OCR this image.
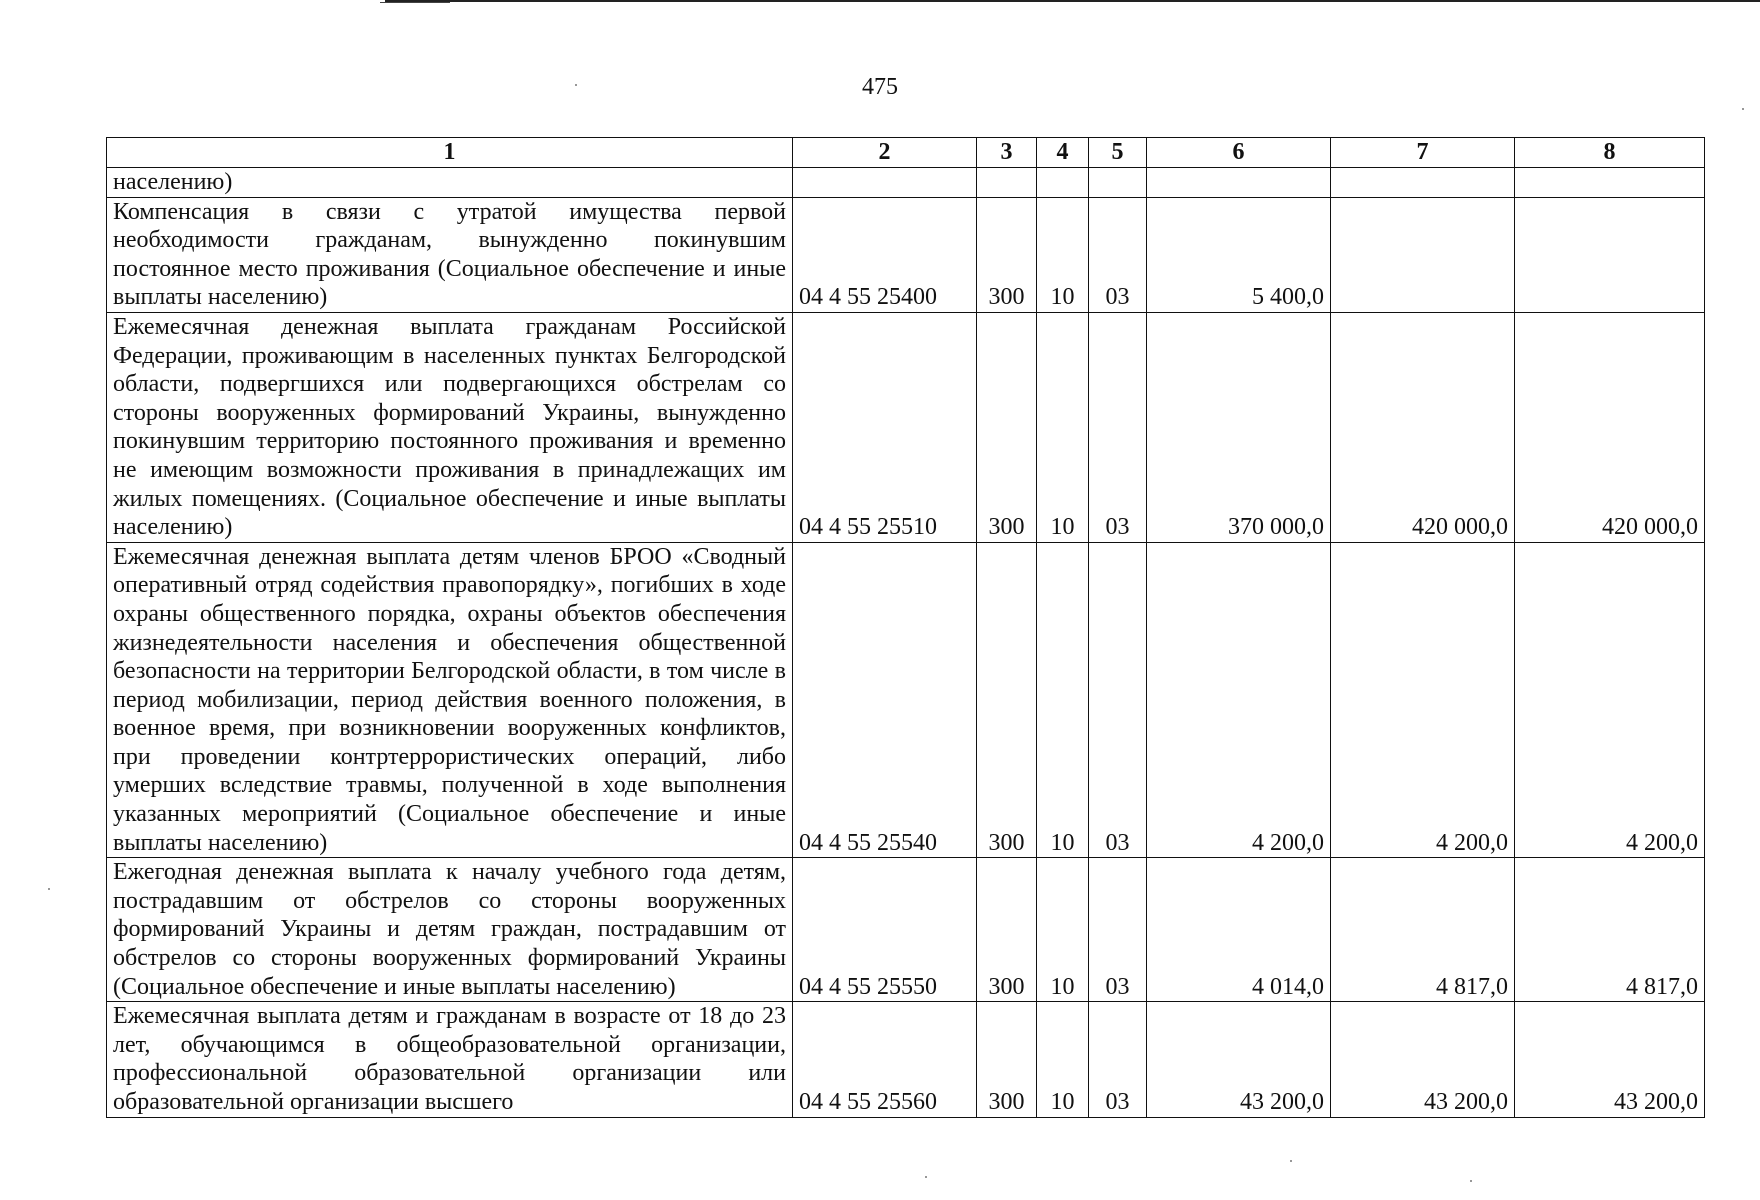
475
1	2	3	4	5	6	7	8
населению)							
Компенсация в связи с утратой имущества первой необходимости гражданам, вынужденно покинувшим постоянное место проживания (Социальное обеспечение и иные выплаты населению)	04 4 55 25400	300	10	03	5 400,0		
Ежемесячная денежная выплата гражданам Российской Федерации, проживающим в населенных пунктах Белгородской области, подвергшихся или подвергающихся обстрелам со стороны вооруженных формирований Украины, вынужденно покинувшим территорию постоянного проживания и временно не имеющим возможности проживания в принадлежащих им жилых помещениях. (Социальное обеспечение и иные выплаты населению)	04 4 55 25510	300	10	03	370 000,0	420 000,0	420 000,0
Ежемесячная денежная выплата детям членов БРОО «Сводный оперативный отряд содействия правопорядку», погибших в ходе охраны общественного порядка, охраны объектов обеспечения жизнедеятельности населения и обеспечения общественной безопасности на территории Белгородской области, в том числе в период мобилизации, период действия военного положения, в военное время, при возникновении вооруженных конфликтов, при проведении контртеррористических операций, либо умерших вследствие травмы, полученной в ходе выполнения указанных мероприятий (Социальное обеспечение и иные выплаты населению)	04 4 55 25540	300	10	03	4 200,0	4 200,0	4 200,0
Ежегодная денежная выплата к началу учебного года детям, пострадавшим от обстрелов со стороны вооруженных формирований Украины и детям граждан, пострадавшим от обстрелов со стороны вооруженных формирований Украины (Социальное обеспечение и иные выплаты населению)	04 4 55 25550	300	10	03	4 014,0	4 817,0	4 817,0
Ежемесячная выплата детям и гражданам в возрасте от 18 до 23 лет, обучающимся в общеобразовательной организации, профессиональной образовательной организации или образовательной организации высшего	04 4 55 25560	300	10	03	43 200,0	43 200,0	43 200,0
